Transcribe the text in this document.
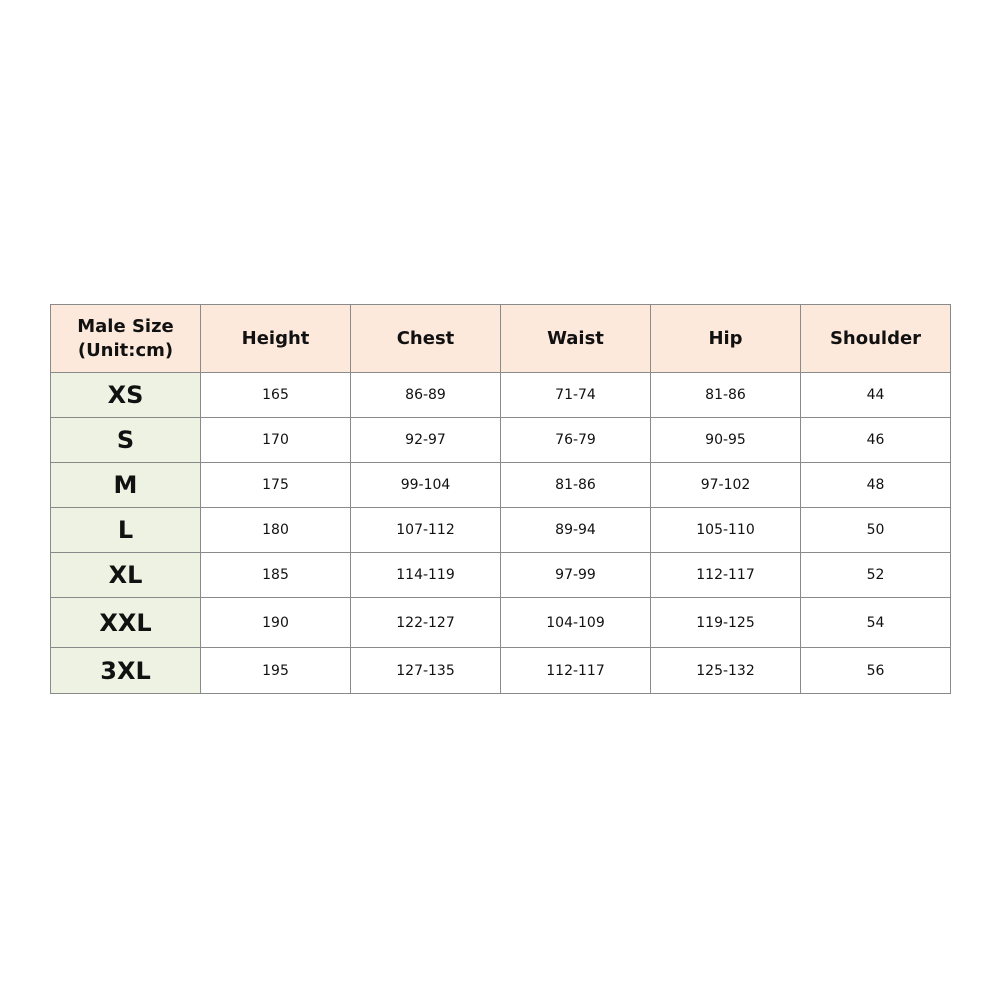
Male Size
(Unit:cm)	Height	Chest	Waist	Hip	Shoulder
XS	165	86-89	71-74	81-86	44
S	170	92-97	76-79	90-95	46
M	175	99-104	81-86	97-102	48
L	180	107-112	89-94	105-110	50
XL	185	114-119	97-99	112-117	52
XXL	190	122-127	104-109	119-125	54
3XL	195	127-135	112-117	125-132	56
